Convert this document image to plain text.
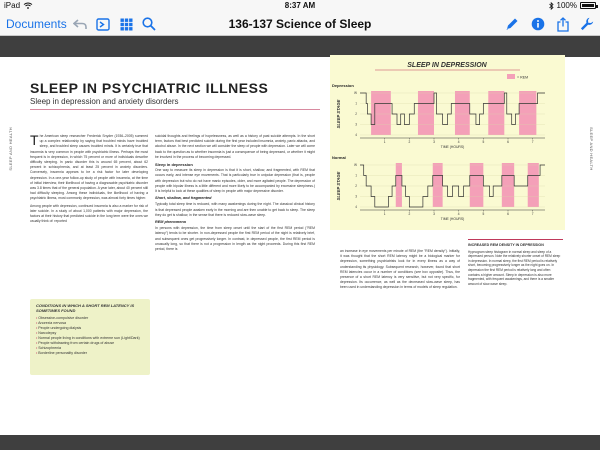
iPad	8:37 AM	100%
Documents	136-137 Science of Sleep
SLEEP AND HEALTH	SLEEP AND HEALTH
SLEEP IN PSYCHIATRIC ILLNESS
Sleep in depression and anxiety disorders

The American sleep researcher Frederick Snyder (1936–2005) summed up a complex relationship by saying that troubled minds have troubled sleep, and troubled sleep causes troubled minds. It is certainly true that insomnia is very common in people with psychiatric illness. Perhaps the most frequent is in depression, in which 75 percent or more of individuals describe difficulty sleeping. In panic disorder this is around 65 percent, about 62 percent in schizophrenia, and at least 25 percent in anxiety disorders. Conversely, insomnia appears to be a risk factor for later developing depression. In a one-year follow-up study of people with insomnia, at the time of initial interview, their likelihood of having a diagnosable psychiatric disorder was 3.8 times that of the general population. A year later, about 40 percent still had difficulty sleeping. Among these individuals, the likelihood of having a psychiatric illness, most commonly depression, was almost forty times higher.

Among people with depression, continued insomnia is also a marker for risk of later suicide. In a study of about 1,000 patients with major depression, the factors at their history that predicted suicide in the long term were the ones we usually think of: reported

suicidal thoughts and feelings of hopelessness, as well as a history of past suicide attempts. In the short term, factors that best predicted suicide during the first year included insomnia, anxiety, panic attacks, and alcohol abuse. In the next section we will consider the sleep of people with depression. Later we will come back to the question as to whether insomnia is just a consequence of being depressed, or whether it might be involved in the process of becoming depressed.

Sleep in depression

One way to measure its sleep in depression is that it is short, shallow, and fragmented, with REM that occurs early, and intense eye movements. That is particularly true in unipolar depression (that is, people with depression but who do not have manic episodes, older, and more agitated people. The depression of people with bipolar illness is a little different and more likely to be accompanied by excessive sleepiness.) It is helpful to look at these qualities of sleep in people with major depressive disorder.

Short, shallow, and fragmented

Typically total sleep time is reduced, with many awakenings during the night. The classical clinical history is that depressed people awaken early in the morning and are then unable to get back to sleep. The sleep they do get is shallow, in the sense that there is reduced slow-wave sleep.

REM phenomena

In persons with depression, the time from sleep onset until the start of the first REM period ("REM latency") tends to be shorter. In non-depressed people the first REM period of the night is relatively brief, and subsequent ones get progressively longer. In contrast, in depressed people, the first REM period is unusually long, so that there is not a progression in length as the night proceeds. During this first REM period, there is	an increase in eye movements per minute of REM (the "REM density"). Initially, it was thought that the short REM latency might be a biological marker for depression, something psychiatrists look for in every illness as a way of understanding its physiology. Subsequent research, however, found that short REM latencies occur in a number of conditions (see box opposite). Thus, the presence of a short REM latency is very sensitive, but not very specific, for depression. Its occurrence, as well as the decreased slow-wave sleep, has been used in understanding depression in terms of models of sleep regulation.

CONDITIONS IN WHICH A SHORT REM LATENCY IS SOMETIMES FOUND
• Obsessive-compulsive disorder
• Anorexia nervosa
• People undergoing dialysis
• Narcolepsy
• Normal people living in conditions with extreme sun (Light/Dark)
• People withdrawing from certain drugs of abuse
• Schizophrenia
• Borderline personality disorder
SLEEP IN DEPRESSION
= REM
Depression
SLEEP STAGE
W
1
2
3
4
1	2	3	4	5	6	7
TIME (HOURS)
Normal
SLEEP STAGE
W
1
2
3
4
1	2	3	4	5	6	7
TIME (HOURS)
INCREASED REM DENSITY IN DEPRESSION
Hypnogram sleep histogram in normal sleep and sleep of a depressed person. Note the relatively shorter onset of REM sleep in depression. In normal sleep, the first REM period is relatively short, becoming progressively longer as the night goes on. In depression the first REM period is relatively long and often contains a higher amount. Sleep in depression is also more fragmented, with frequent awakenings, and there is a smaller amount of slow-wave sleep.
